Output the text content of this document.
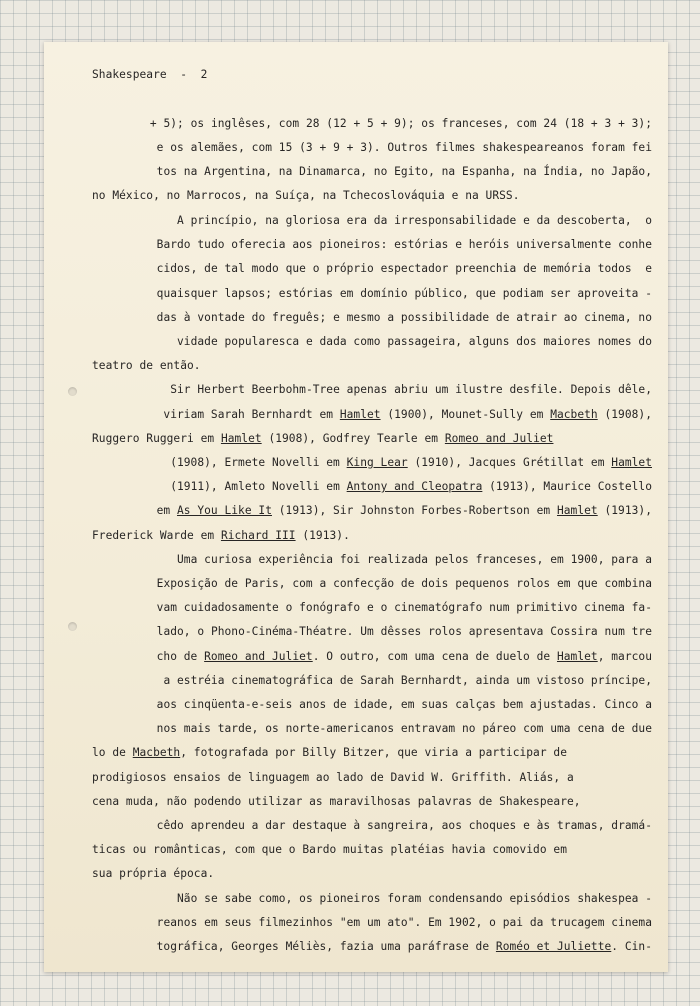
Shakespeare  -  2
+ 5); os inglêses, com 28 (12 + 5 + 9); os franceses, com 24 (18 + 3 + 3);
e os alemães, com 15 (3 + 9 + 3). Outros filmes shakespeareanos foram fei
tos na Argentina, na Dinamarca, no Egito, na Espanha, na Índia, no Japão,
no México, no Marrocos, na Suíça, na Tchecoslováquia e na URSS.
A princípio, na gloriosa era da irresponsabilidade e da descoberta,  o
Bardo tudo oferecia aos pioneiros: estórias e heróis universalmente conhe
cidos, de tal modo que o próprio espectador preenchia de memória todos  e
quaisquer lapsos; estórias em domínio público, que podiam ser aproveita -
das à vontade do freguês; e mesmo a possibilidade de atrair ao cinema, no
vidade popularesca e dada como passageira, alguns dos maiores nomes do
teatro de então.
Sir Herbert Beerbohm-Tree apenas abriu um ilustre desfile. Depois dêle,
viriam Sarah Bernhardt em Hamlet (1900), Mounet-Sully em Macbeth (1908),
Ruggero Ruggeri em Hamlet (1908), Godfrey Tearle em Romeo and Juliet
(1908), Ermete Novelli em King Lear (1910), Jacques Grétillat em Hamlet
(1911), Amleto Novelli em Antony and Cleopatra (1913), Maurice Costello
em As You Like It (1913), Sir Johnston Forbes-Robertson em Hamlet (1913),
Frederick Warde em Richard III (1913).
Uma curiosa experiência foi realizada pelos franceses, em 1900, para a
Exposição de Paris, com a confecção de dois pequenos rolos em que combina
vam cuidadosamente o fonógrafo e o cinematógrafo num primitivo cinema fa-
lado, o Phono-Cinéma-Théatre. Um dêsses rolos apresentava Cossira num tre
cho de Romeo and Juliet. O outro, com uma cena de duelo de Hamlet, marcou
a estréia cinematográfica de Sarah Bernhardt, ainda um vistoso príncipe,
aos cinqüenta-e-seis anos de idade, em suas calças bem ajustadas. Cinco a
nos mais tarde, os norte-americanos entravam no páreo com uma cena de due
lo de Macbeth, fotografada por Billy Bitzer, que viria a participar de
prodigiosos ensaios de linguagem ao lado de David W. Griffith. Aliás, a
cena muda, não podendo utilizar as maravilhosas palavras de Shakespeare,
cêdo aprendeu a dar destaque à sangreira, aos choques e às tramas, dramá-
ticas ou românticas, com que o Bardo muitas platéias havia comovido em
sua própria época.
Não se sabe como, os pioneiros foram condensando episódios shakespea -
reanos em seus filmezinhos "em um ato". Em 1902, o pai da trucagem cinema
tográfica, Georges Méliès, fazia uma paráfrase de Roméo et Juliette. Cin-
